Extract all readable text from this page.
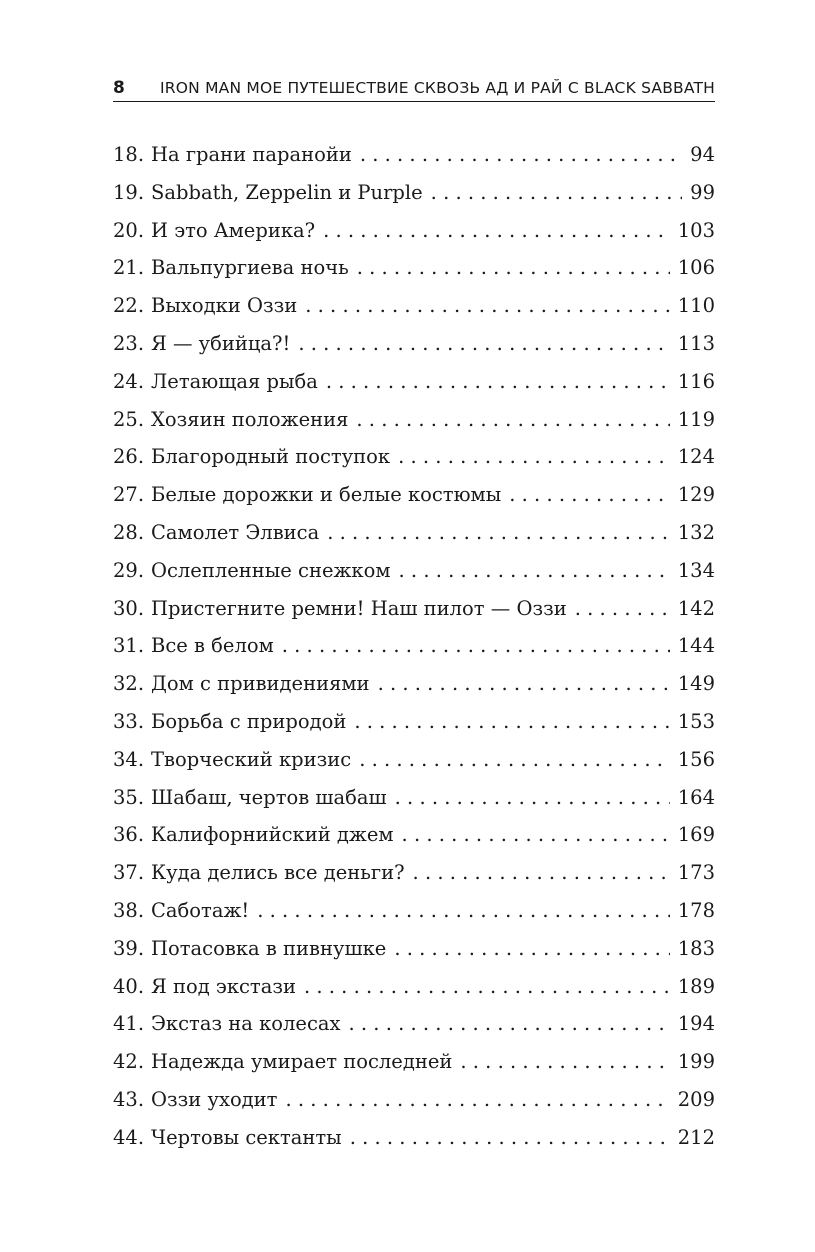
8 IRON MAN МОЕ ПУТЕШЕСТВИЕ СКВОЗЬ АД И РАЙ С BLACK SABBATH
18. На грани паранойи . . .	94
19. Sabbath, Zeppelin и Purple . . .	99
20. И это Америка? . . .	103
21. Вальпургиева ночь . . .	106
22. Выходки Оззи . . .	110
23. Я — убийца?! . . .	113
24. Летающая рыба . . .	116
25. Хозяин положения . . .	119
26. Благородный поступок . . .	124
27. Белые дорожки и белые костюмы . . .	129
28. Самолет Элвиса . . .	132
29. Ослепленные снежком . . .	134
30. Пристегните ремни! Наш пилот — Оззи . . .	142
31. Все в белом . . .	144
32. Дом с привидениями . . .	149
33. Борьба с природой . . .	153
34. Творческий кризис . . .	156
35. Шабаш, чертов шабаш . . .	164
36. Калифорнийский джем . . .	169
37. Куда делись все деньги? . . .	173
38. Саботаж! . . .	178
39. Потасовка в пивнушке . . .	183
40. Я под экстази . . .	189
41. Экстаз на колесах . . .	194
42. Надежда умирает последней . . .	199
43. Оззи уходит . . .	209
44. Чертовы сектанты . . .	212
